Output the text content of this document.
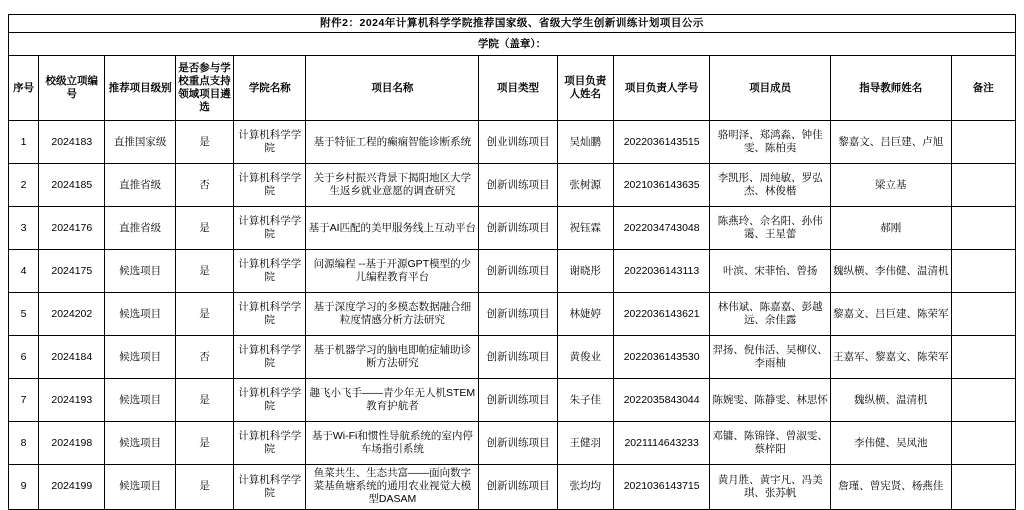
附件2：2024年计算机科学学院推荐国家级、省级大学生创新训练计划项目公示											
学院（盖章）：											
序号	校级立项编号	推荐项目级别	是否参与学校重点支持领域项目遴选	学院名称	项目名称	项目类型	项目负责人姓名	项目负责人学号	项目成员	指导教师姓名	备注
1	2024183	直推国家级	是	计算机科学学院	基于特征工程的癫痫智能诊断系统	创业训练项目	吴灿鹏	2022036143515	骆明泽、郑鸿淼、钟佳雯、陈柏夷	黎嘉文、吕巨建、卢旭	
2	2024185	直推省级	否	计算机科学学院	关于乡村振兴背景下揭阳地区大学生返乡就业意愿的调查研究	创新训练项目	张树源	2021036143635	李凯彤、周纯敏、罗弘杰、林俊楷	梁立基	
3	2024176	直推省级	是	计算机科学学院	基于AI匹配的美甲服务线上互动平台	创新训练项目	祝钰霖	2022034743048	陈燕玲、佘名阳、孙伟霭、王星蕾	郝刚	
4	2024175	候选项目	是	计算机科学学院	问源编程 --基于开源GPT模型的少儿编程教育平台	创新训练项目	谢晓彤	2022036143113	叶滨、宋菲怡、曾扬	魏纵横、李伟健、温清机	
5	2024202	候选项目	是	计算机科学学院	基于深度学习的多模态数据融合细粒度情感分析方法研究	创新训练项目	林婕婷	2022036143621	林伟斌、陈嘉嘉、彭越远、余佳露	黎嘉文、吕巨建、陈荣军	
6	2024184	候选项目	否	计算机科学学院	基于机器学习的脑电即帕症辅助诊断方法研究	创新训练项目	黄俊业	2022036143530	羿扬、倪伟活、吴柳仪、李雨柚	王嘉军、黎嘉文、陈荣军	
7	2024193	候选项目	是	计算机科学学院	趣飞小飞手——青少年无人机STEM教育护航者	创新训练项目	朱子佳	2022035843044	陈婉雯、陈静雯、林思怀	魏纵横、温清机	
8	2024198	候选项目	是	计算机科学学院	基于Wi-Fi和惯性导航系统的室内停车场指引系统	创新训练项目	王健羽	2021114643233	邓镛、陈锦锋、曾淑雯、蔡梓阳	李伟健、吴凤池	
9	2024199	候选项目	是	计算机科学学院	鱼菜共生、生态共富——面向数字菜基鱼塘系统的通用农业视觉大模型DASAM	创新训练项目	张均均	2021036143715	黄月胜、黄宇凡、冯美琪、张苏帆	詹瑾、曾宪贤、杨燕佳	
